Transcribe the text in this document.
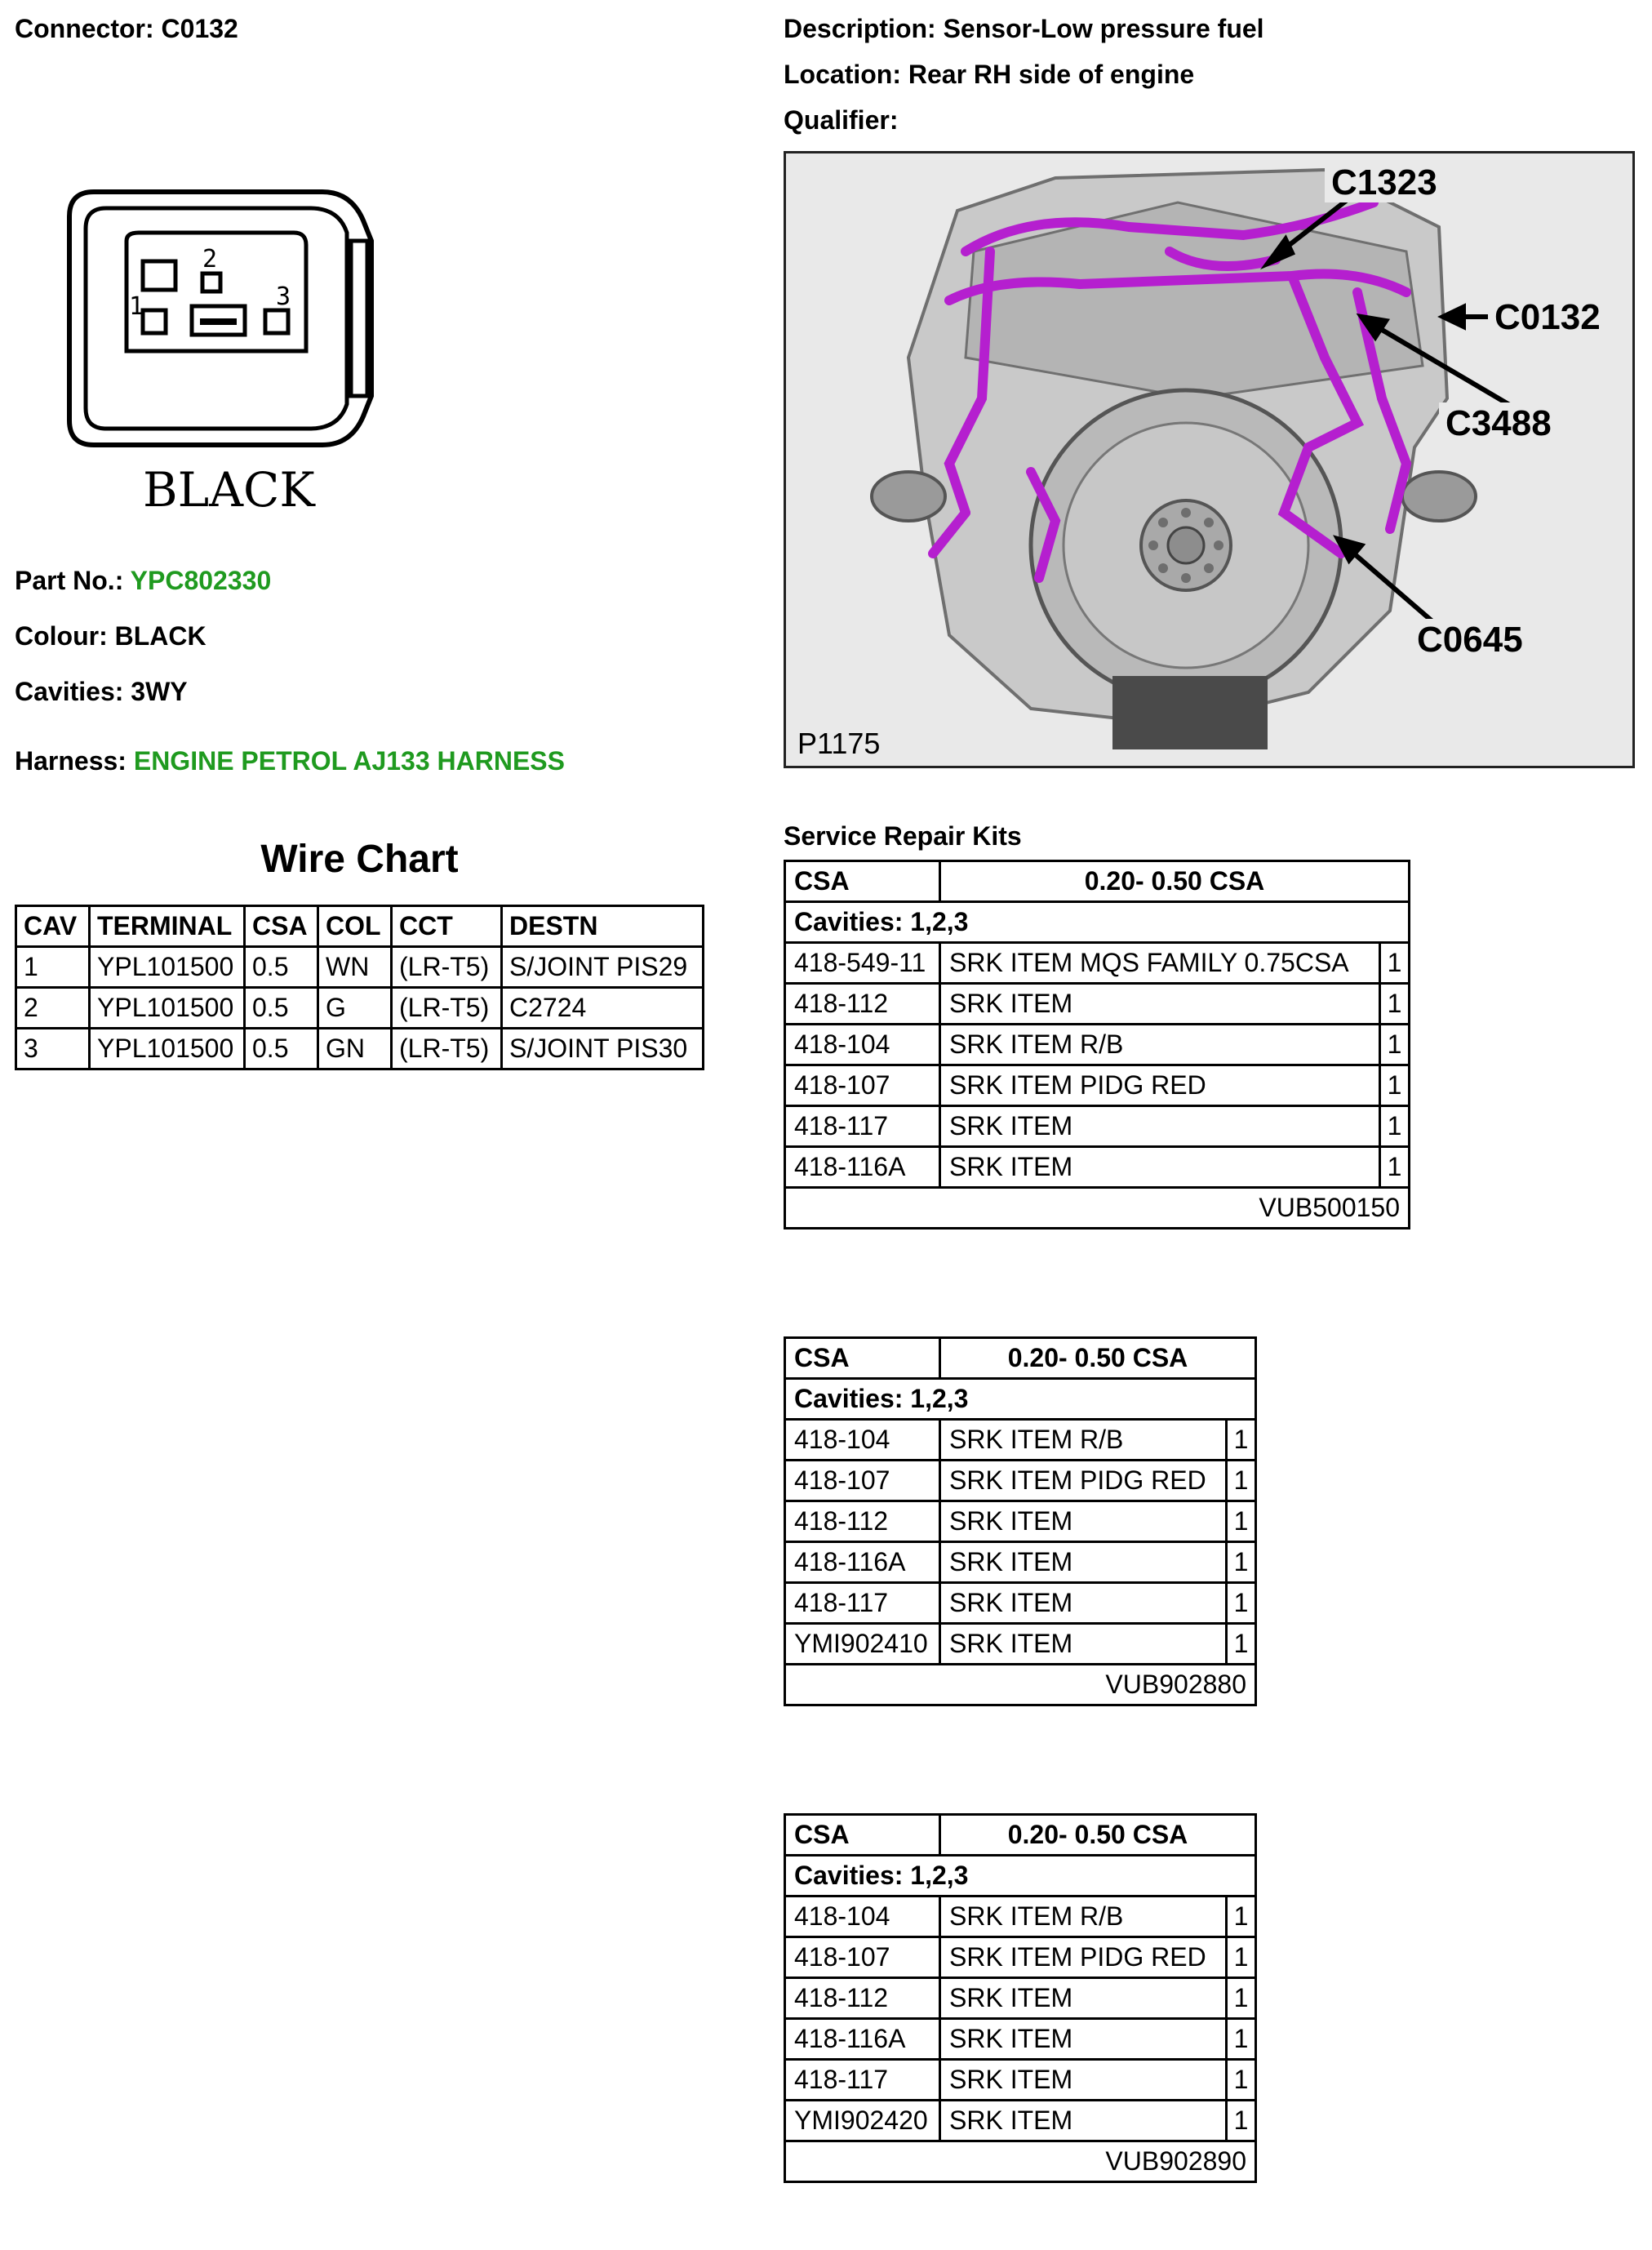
Connector: C0132	Description: Sensor-Low pressure fuel
Location: Rear RH side of engine
Qualifier:
1
2
3
BLACK
Part No.: YPC802330
Colour: BLACK
Cavities: 3WY
Harness: ENGINE PETROL AJ133 HARNESS
C1323
C0132
C3488
C0645
P1175
Wire Chart
CAV	TERMINAL	CSA	COL	CCT	DESTN
1	YPL101500	0.5	WN	(LR-T5)	S/JOINT PIS29
2	YPL101500	0.5	G	(LR-T5)	C2724
3	YPL101500	0.5	GN	(LR-T5)	S/JOINT PIS30
Service Repair Kits
CSA	0.20- 0.50 CSA	
Cavities: 1,2,3		
418-549-11	SRK ITEM MQS FAMILY 0.75CSA	1
418-112	SRK ITEM	1
418-104	SRK ITEM R/B	1
418-107	SRK ITEM PIDG RED	1
418-117	SRK ITEM	1
418-116A	SRK ITEM	1
VUB500150		
CSA	0.20- 0.50 CSA	
Cavities: 1,2,3		
418-104	SRK ITEM R/B	1
418-107	SRK ITEM PIDG RED	1
418-112	SRK ITEM	1
418-116A	SRK ITEM	1
418-117	SRK ITEM	1
YMI902410	SRK ITEM	1
VUB902880		
CSA	0.20- 0.50 CSA	
Cavities: 1,2,3		
418-104	SRK ITEM R/B	1
418-107	SRK ITEM PIDG RED	1
418-112	SRK ITEM	1
418-116A	SRK ITEM	1
418-117	SRK ITEM	1
YMI902420	SRK ITEM	1
VUB902890		
